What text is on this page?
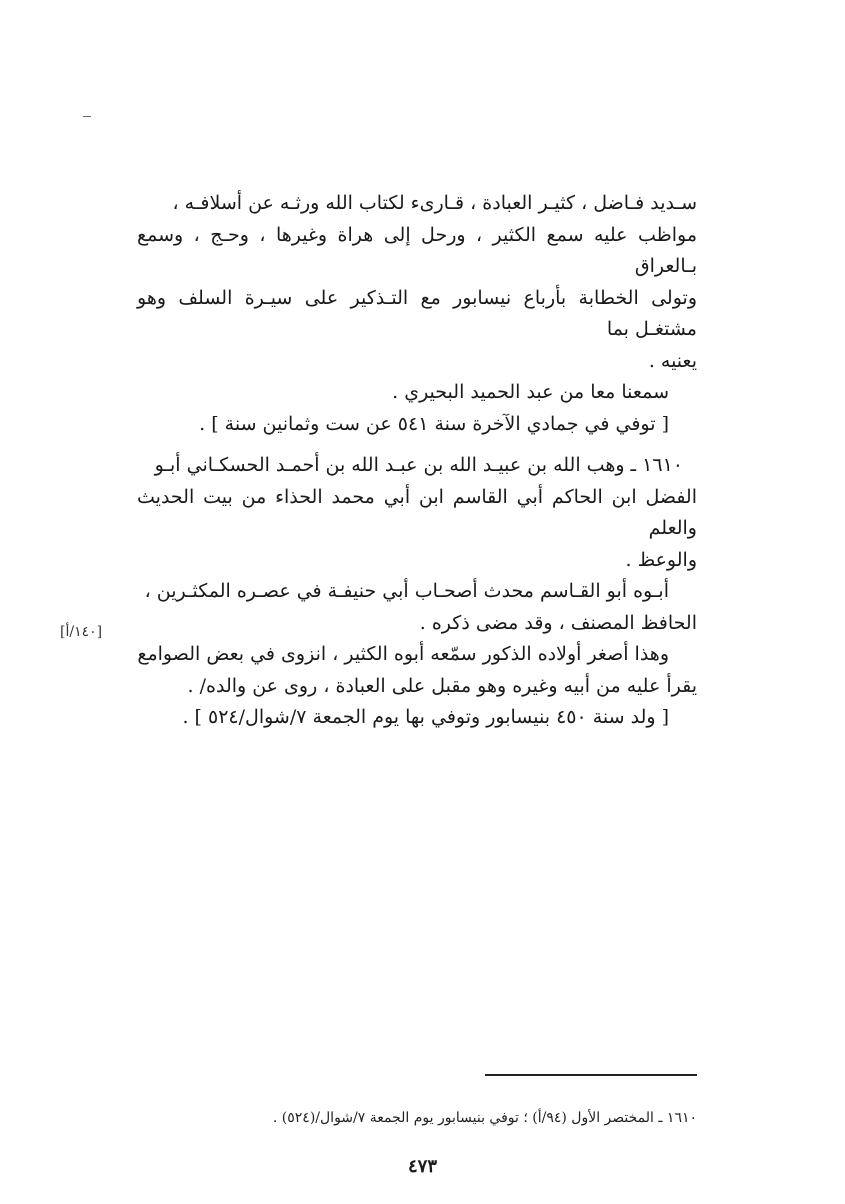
سـديد فـاضل ، كثيـر العبادة ، قـارىء لكتاب الله ورثـه عن أسلافـه ،

مواظب عليه سمع الكثير ، ورحل إلى هراة وغيرها ، وحـج ، وسمع بـالعراق

وتولى الخطابة بأرباع نيسابور مع التـذكير على سيـرة السلف وهو مشتغـل بما

يعنيه .

سمعنا معا من عبد الحميد البحيري .

[ توفي في جمادي الآخرة سنة ٥٤١ عن ست وثمانين سنة ] .

١٦١٠ ـ وهب الله بن عبيـد الله بن عبـد الله بن أحمـد الحسكـاني أبـو

الفضل ابن الحاكم أبي القاسم ابن أبي محمد الحذاء من بيت الحديث والعلم

والوعظ .

أبـوه أبو القـاسم محدث أصحـاب أبي حنيفـة في عصـره المكثـرين ،

الحافظ المصنف ، وقد مضى ذكره .

وهذا أصغر أولاده الذكور سمّعه أبوه الكثير ، انزوى في بعض الصوامع

يقرأ عليه من أبيه وغيره وهو مقبل على العبادة ، روى عن والده/ .

[ ولد سنة ٤٥٠ بنيسابور وتوفي بها يوم الجمعة ٧/شوال/٥٢٤ ] .

[١٤٠/أ]
١٦١٠ ـ المختصر الأول (٩٤/أ) ؛ توفي بنيسابور يوم الجمعة ٧/شوال/(٥٢٤) .
٤٧٣
